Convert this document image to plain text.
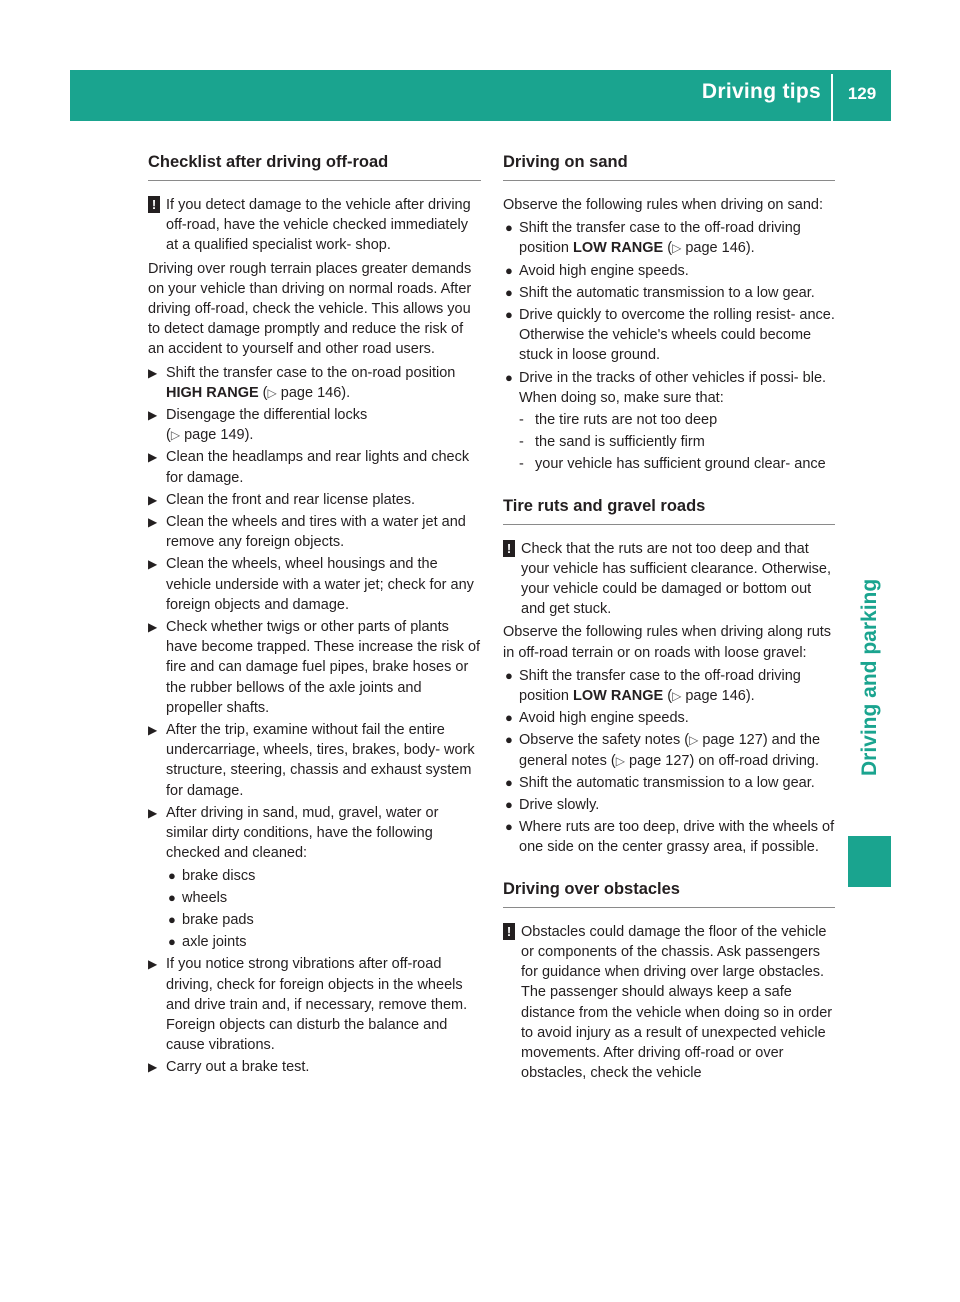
Driving tips	129
Driving and parking
Checklist after driving off-road
! If you detect damage to the vehicle after driving off-road, have the vehicle checked immediately at a qualified specialist work- shop.

Driving over rough terrain places greater demands on your vehicle than driving on normal roads. After driving off-road, check the vehicle. This allows you to detect damage promptly and reduce the risk of an accident to yourself and other road users.

▶ Shift the transfer case to the on-road position HIGH RANGE (▷ page 146).
▶ Disengage the differential locks
(▷ page 149).
▶ Clean the headlamps and rear lights and check for damage.
▶ Clean the front and rear license plates.
▶ Clean the wheels and tires with a water jet and remove any foreign objects.
▶ Clean the wheels, wheel housings and the vehicle underside with a water jet; check for any foreign objects and damage.
▶ Check whether twigs or other parts of plants have become trapped. These increase the risk of fire and can damage fuel pipes, brake hoses or the rubber bellows of the axle joints and propeller shafts.
▶ After the trip, examine without fail the entire undercarriage, wheels, tires, brakes, body- work structure, steering, chassis and exhaust system for damage.
▶ After driving in sand, mud, gravel, water or similar dirty conditions, have the following checked and cleaned:
● brake discs
● wheels
● brake pads
● axle joints
▶ If you notice strong vibrations after off-road driving, check for foreign objects in the wheels and drive train and, if necessary, remove them. Foreign objects can disturb the balance and cause vibrations.
▶ Carry out a brake test.
Driving on sand

Observe the following rules when driving on sand:

● Shift the transfer case to the off-road driving position LOW RANGE (▷ page 146).
● Avoid high engine speeds.
● Shift the automatic transmission to a low gear.
● Drive quickly to overcome the rolling resist- ance. Otherwise the vehicle's wheels could become stuck in loose ground.
● Drive in the tracks of other vehicles if possi- ble. When doing so, make sure that:
- the tire ruts are not too deep
- the sand is sufficiently firm
- your vehicle has sufficient ground clear- ance
Tire ruts and gravel roads
! Check that the ruts are not too deep and that your vehicle has sufficient clearance. Otherwise, your vehicle could be damaged or bottom out and get stuck.

Observe the following rules when driving along ruts in off-road terrain or on roads with loose gravel:

● Shift the transfer case to the off-road driving position LOW RANGE (▷ page 146).
● Avoid high engine speeds.
● Observe the safety notes (▷ page 127) and the general notes (▷ page 127) on off-road driving.
● Shift the automatic transmission to a low gear.
● Drive slowly.
● Where ruts are too deep, drive with the wheels of one side on the center grassy area, if possible.
Driving over obstacles
! Obstacles could damage the floor of the vehicle or components of the chassis. Ask passengers for guidance when driving over large obstacles. The passenger should always keep a safe distance from the vehicle when doing so in order to avoid injury as a result of unexpected vehicle movements. After driving off-road or over obstacles, check the vehicle
